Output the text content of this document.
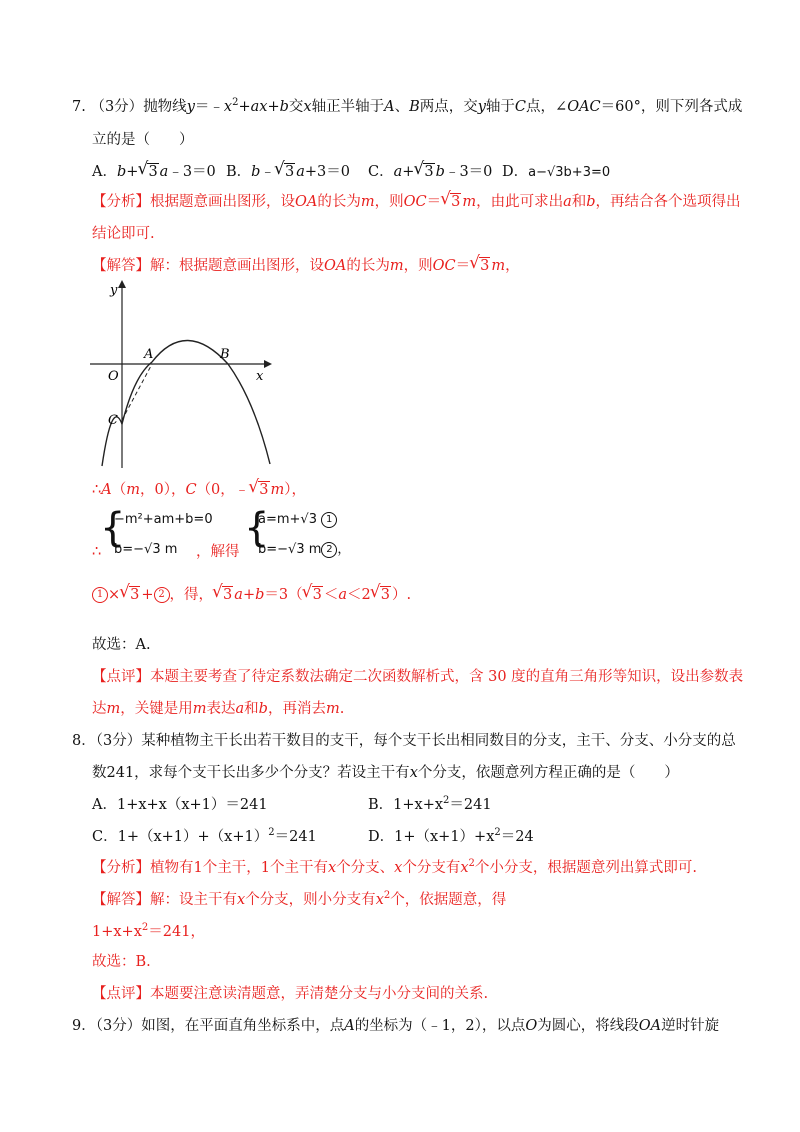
7. （3分）抛物线$y=﹣x^2+ax+b$交x轴正半轴于A、B两点，交y轴于C点，∠OAC＝60°，则下列各式成
立的是（　　）
A．b+ √ 3 a﹣3＝0 B．b﹣ √ 3 a+3＝0 C．a+ √ 3 b﹣3＝0 D．a−√3b+3=0
【分析】根据题意画出图形，设OA的长为m，则OC＝ √ 3 m，由此可求出a和b，再结合各个选项得出
结论即可.
【解答】解：根据题意画出图形，设OA的长为m，则OC＝ √ 3 m，
y
x
O
A	B
C
∴A（m，0），C（0，﹣ √ 3 m），
∴
{
−m²+am+b=0
b=−√3 m ，解得
{
a=m+√3 1
b=−√3 m 2 ，
1 × √ 3 + 2 ，得， √ 3 a+b＝3（ √ 3 ＜a＜2 √ 3 ）.
故选：A.
【点评】本题主要考查了待定系数法确定二次函数解析式，含 30 度的直角三角形等知识，设出参数表
达m，关键是用m表达a和b，再消去m.
8．（3分）某种植物主干长出若干数目的支干，每个支干长出相同数目的分支，主干、分支、小分支的总
数241，求每个支干长出多少个分支？若设主干有x个分支，依题意列方程正确的是（　　）
A．1+x+x（x+1）＝241	B．$1+x+x^2=241$
C．$1+(x+1)+(x+1)^2=241$	D．$1+(x+1)+x^2=24$
【分析】植物有1个主干，1个主干有x个分支、x个分支有$x^2$个小分支，根据题意列出算式即可.
【解答】解：设主干有x个分支，则小分支有$x^2$个，依据题意，得
$1+x+x^2=241$，
故选：B.
【点评】本题要注意读清题意，弄清楚分支与小分支间的关系.
9．（3分）如图，在平面直角坐标系中，点A的坐标为（﹣1，2），以点O为圆心，将线段OA逆时针旋
